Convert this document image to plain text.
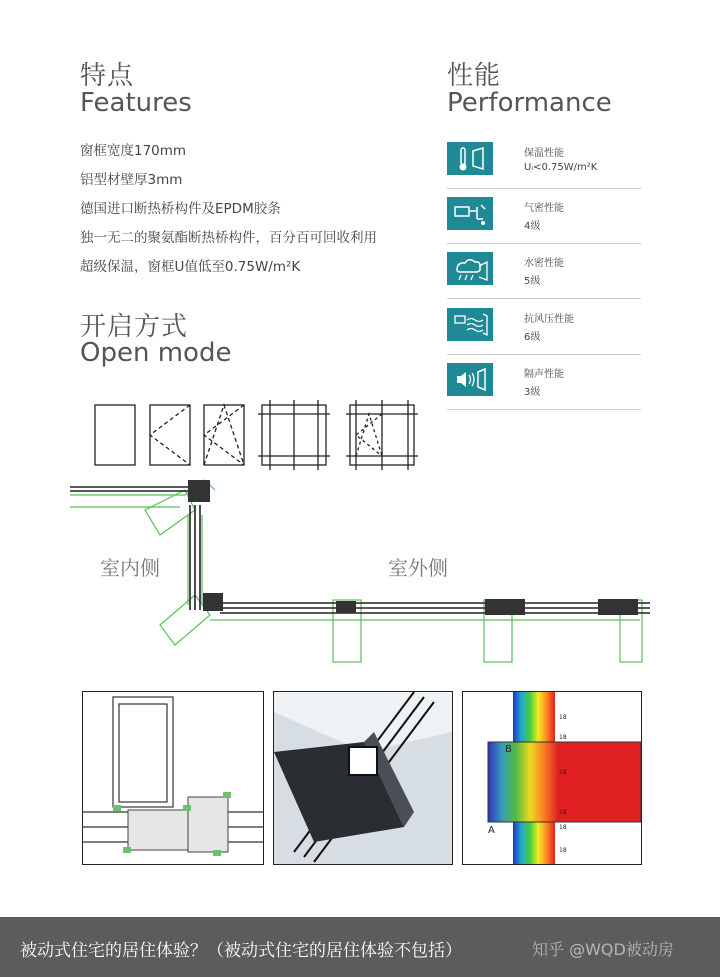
特点
Features
窗框宽度170mm
铝型材壁厚3mm
德国进口断热桥构件及EPDM胶条
独一无二的聚氨酯断热桥构件，百分百可回收利用
超级保温，窗框U值低至0.75W/m²K
性能
Performance
保温性能
Uᵢ<0.75W/m²K
气密性能
4级
水密性能
5级
抗风压性能
6级
隔声性能
3级
开启方式
Open mode
室内侧	室外侧
B
A
18
18
18
18
18
18
被动式住宅的居住体验？（被动式住宅的居住体验不包括）	知乎 @WQD被动房
